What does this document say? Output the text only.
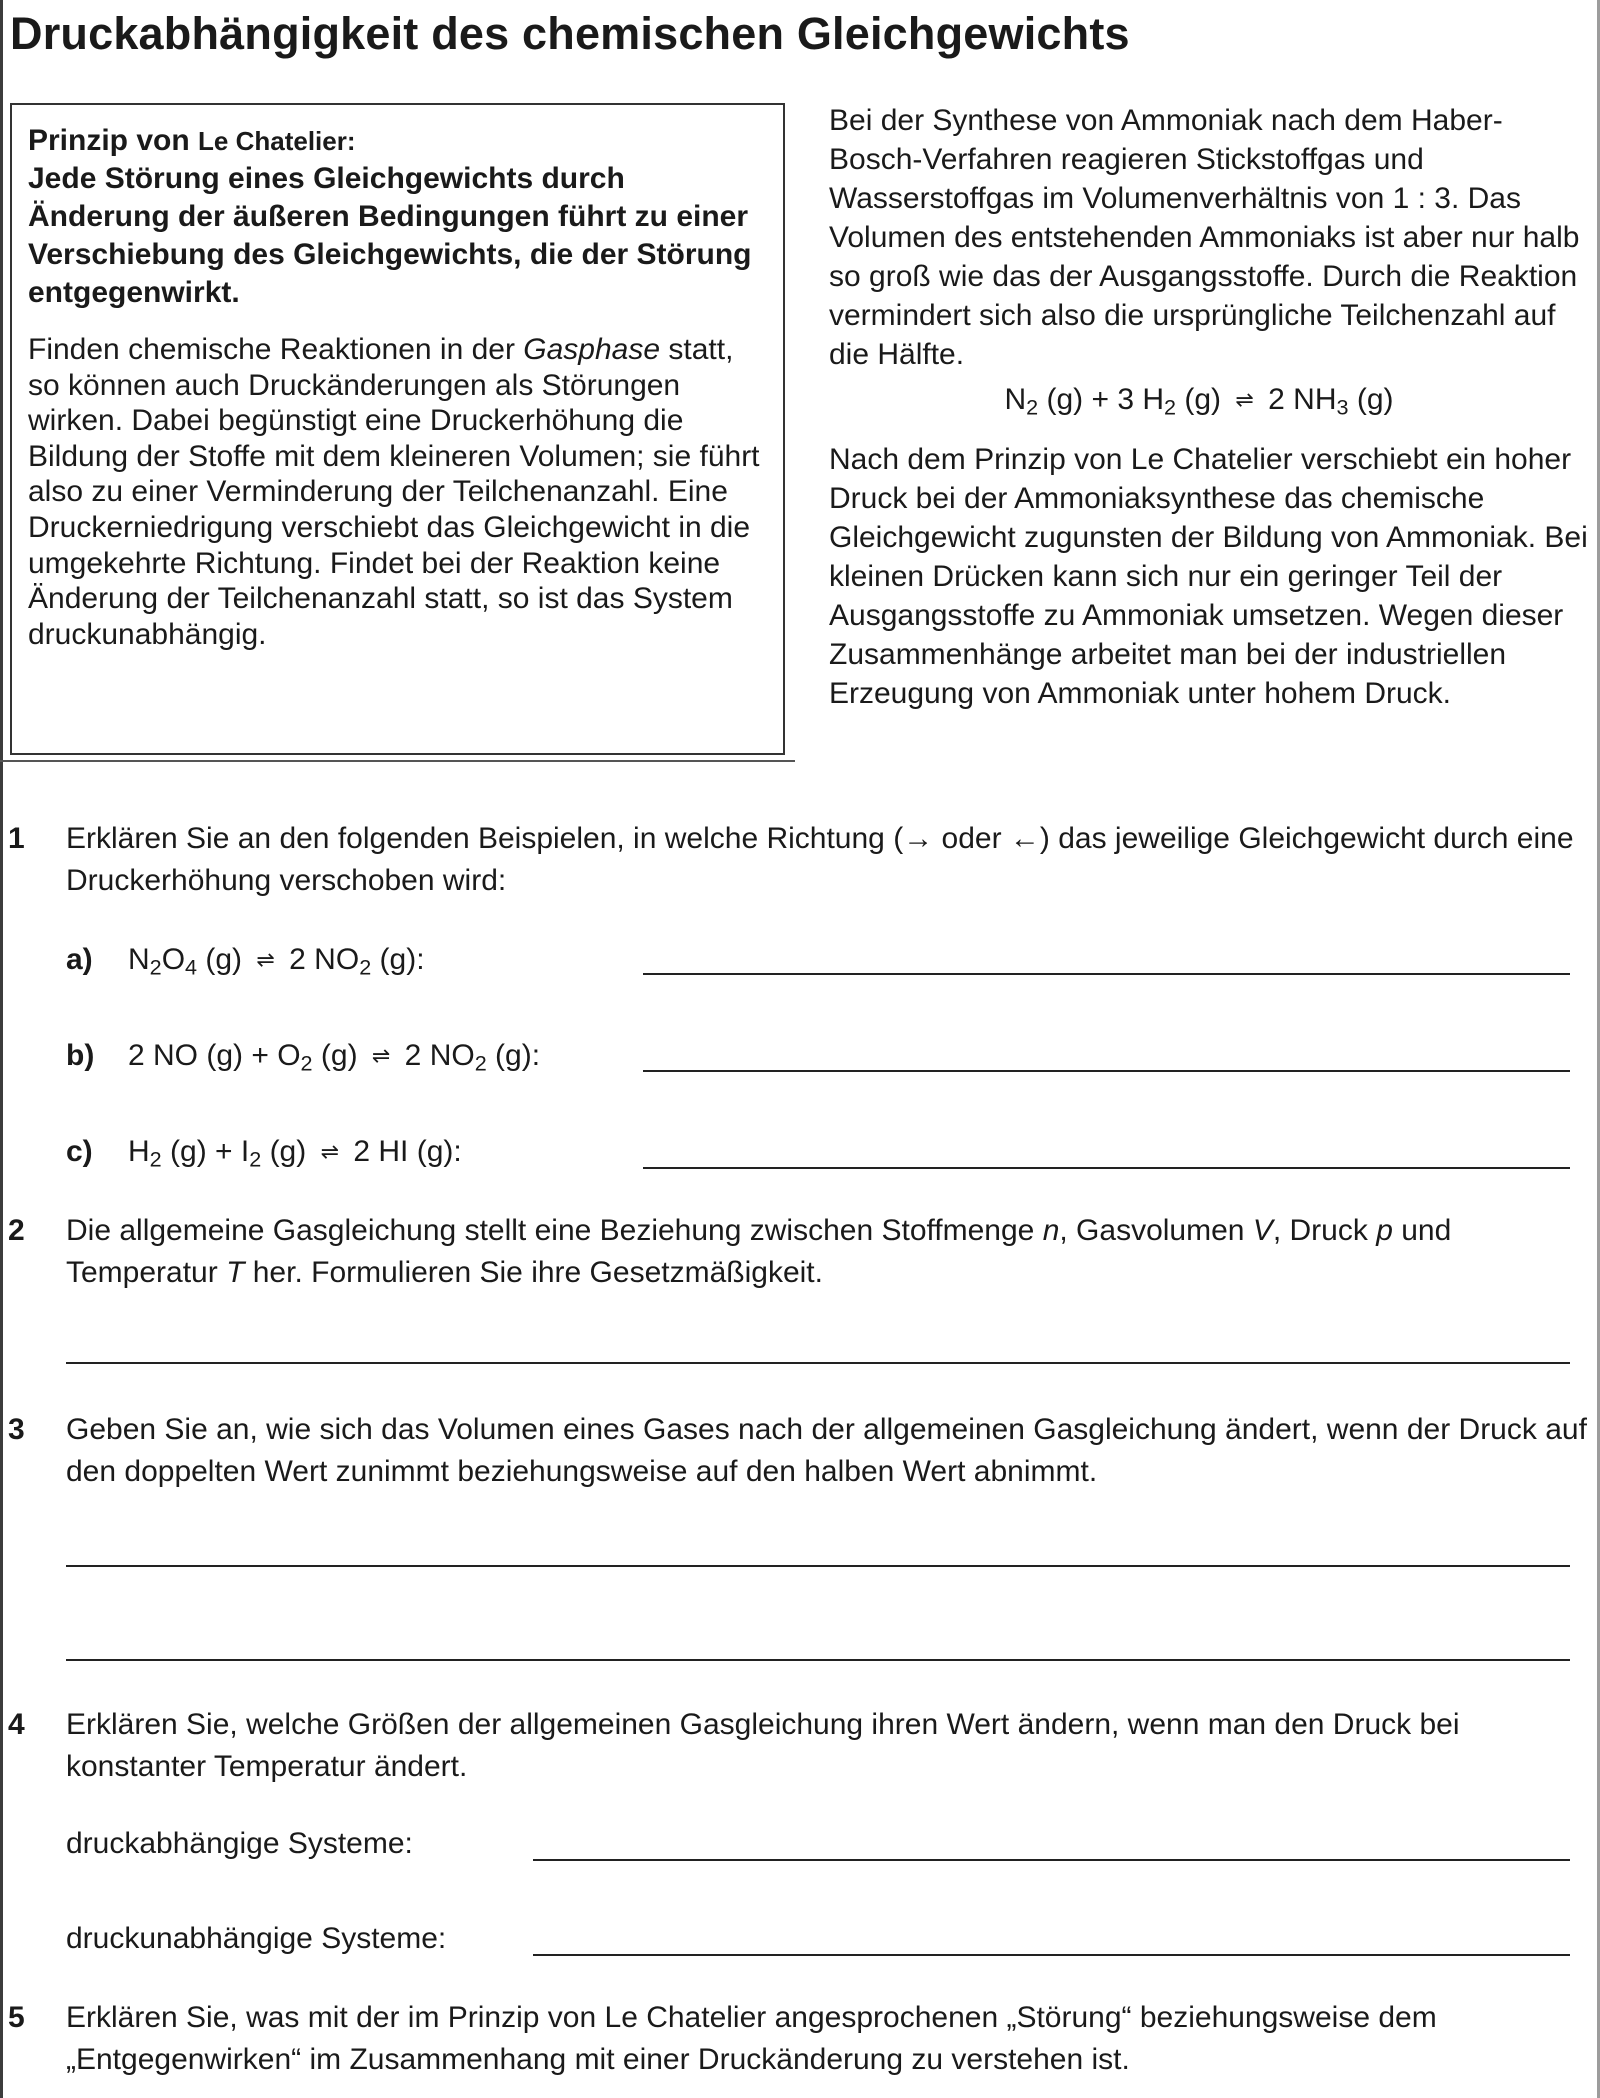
Druckabhängigkeit des chemischen Gleichgewichts
Prinzip von Le Chatelier:
Jede Störung eines Gleichgewichts durch Änderung der äußeren Bedingungen führt zu einer Verschiebung des Gleichgewichts, die der Störung entgegenwirkt.
Finden chemische Reaktionen in der Gasphase statt, so können auch Druckänderungen als Störungen wirken. Dabei begünstigt eine Druckerhöhung die Bildung der Stoffe mit dem kleineren Volumen; sie führt also zu einer Verminderung der Teilchenanzahl. Eine Druckerniedrigung verschiebt das Gleichgewicht in die umgekehrte Richtung. Findet bei der Reaktion keine Änderung der Teilchenanzahl statt, so ist das System druckunabhängig.
Bei der Synthese von Ammoniak nach dem Haber-Bosch-Verfahren reagieren Stickstoffgas und Wasserstoffgas im Volumenverhältnis von 1 : 3. Das Volumen des entstehenden Ammoniaks ist aber nur halb so groß wie das der Ausgangsstoffe. Durch die Reaktion vermindert sich also die ursprüngliche Teilchenzahl auf die Hälfte.
$N_2$ (g) + 3 $H_2$ (g) ⇌ 2 $NH_3$ (g)
Nach dem Prinzip von Le Chatelier verschiebt ein hoher Druck bei der Ammoniaksynthese das chemische Gleichgewicht zugunsten der Bildung von Ammoniak. Bei kleinen Drücken kann sich nur ein geringer Teil der Ausgangsstoffe zu Ammoniak umsetzen. Wegen dieser Zusammenhänge arbeitet man bei der industriellen Erzeugung von Ammoniak unter hohem Druck.
1 Erklären Sie an den folgenden Beispielen, in welche Richtung (→ oder ←) das jeweilige Gleichgewicht durch eine Druckerhöhung verschoben wird:
a) $N_2O_4$ (g) ⇌ 2 $NO_2$ (g):
b) 2 NO $(g) + O_2$ (g) ⇌ 2 $NO_2$ (g):
c) $H_2$ $(g) + I_2$ (g) ⇌ 2 HI (g):
2 Die allgemeine Gasgleichung stellt eine Beziehung zwischen Stoffmenge n, Gasvolumen V, Druck p und Temperatur T her. Formulieren Sie ihre Gesetzmäßigkeit.
3 Geben Sie an, wie sich das Volumen eines Gases nach der allgemeinen Gasgleichung ändert, wenn der Druck auf den doppelten Wert zunimmt beziehungsweise auf den halben Wert abnimmt.
4 Erklären Sie, welche Größen der allgemeinen Gasgleichung ihren Wert ändern, wenn man den Druck bei konstanter Temperatur ändert.
druckabhängige Systeme:
druckunabhängige Systeme:
5 Erklären Sie, was mit der im Prinzip von Le Chatelier angesprochenen „Störung“ beziehungsweise dem „Entgegenwirken“ im Zusammenhang mit einer Druckänderung zu verstehen ist.
